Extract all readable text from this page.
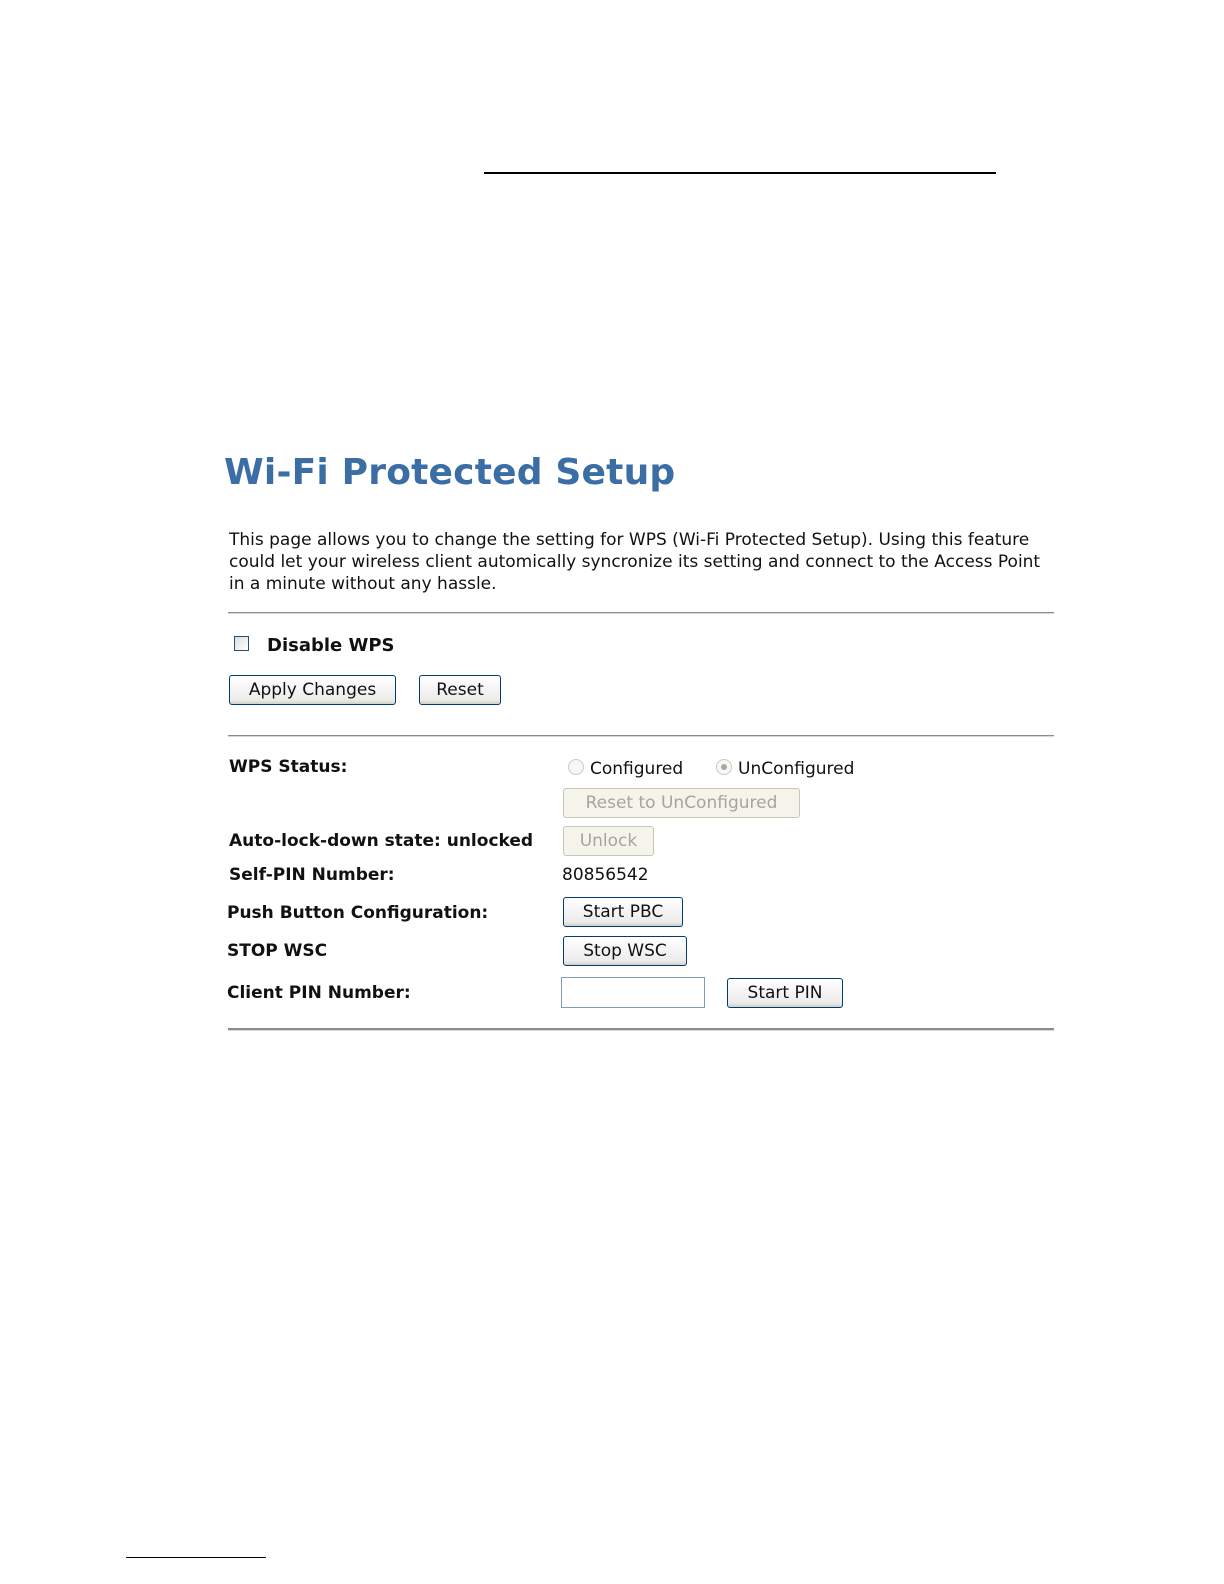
Wi-Fi Protected Setup

This page allows you to change the setting for WPS (Wi-Fi Protected Setup). Using this feature could let your wireless client automically syncronize its setting and connect to the Access Point in a minute without any hassle.

Disable WPS
Apply Changes	Reset
WPS Status:	Configured	UnConfigured
Reset to UnConfigured
Auto-lock-down state: unlocked	Unlock
Self-PIN Number:	80856542
Push Button Configuration:	Start PBC
STOP WSC	Stop WSC
Client PIN Number:	Start PIN
